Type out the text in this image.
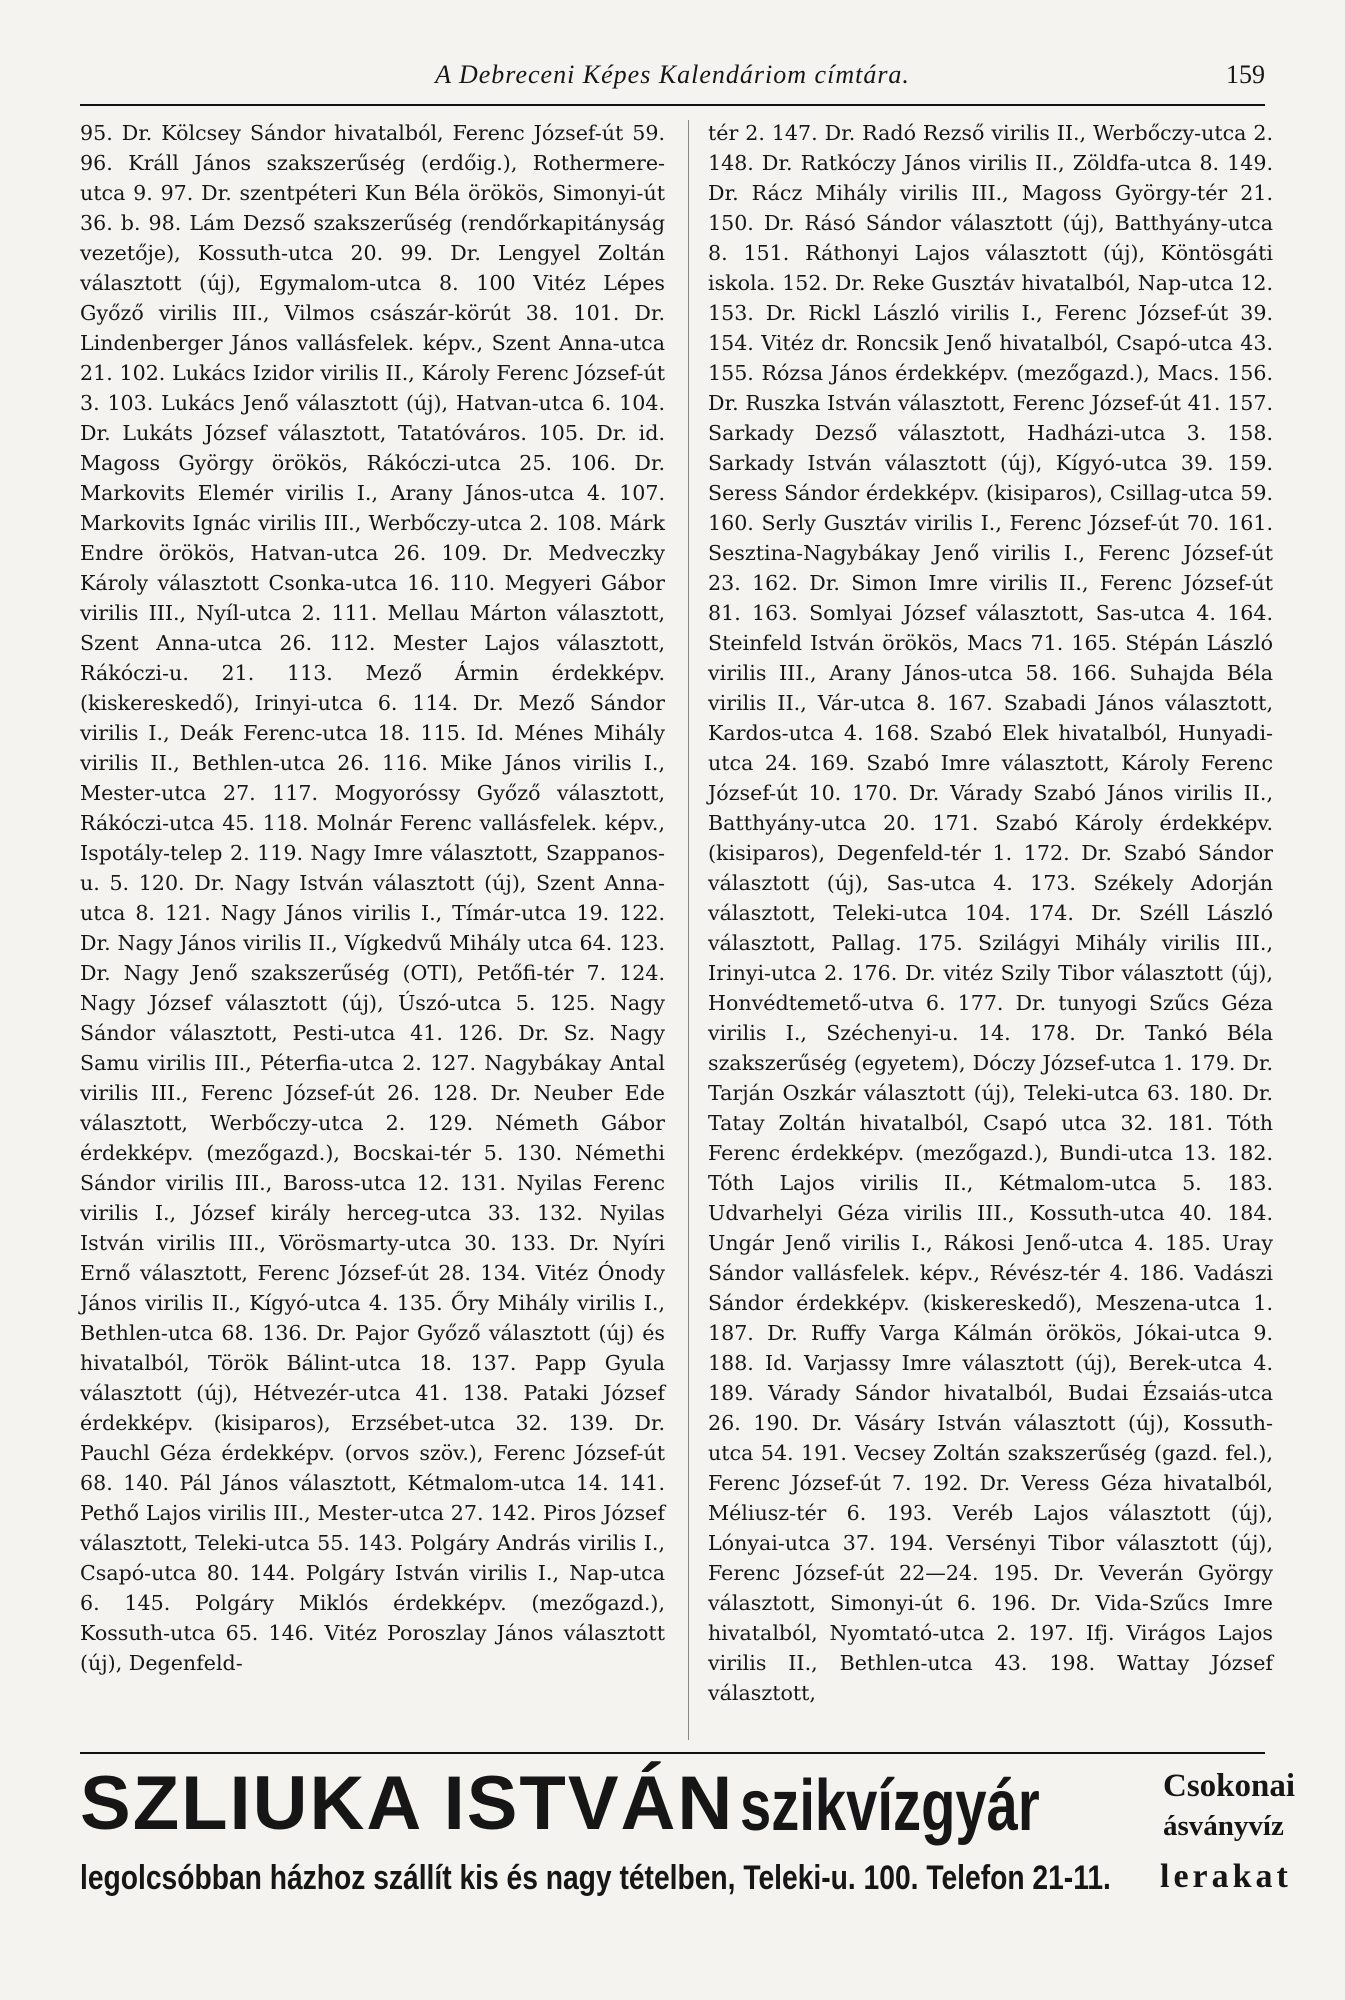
A Debreceni Képes Kalendáriom címtára.	159

95. Dr. Kölcsey Sándor hivatalból, Ferenc József-út 59. 96. Králl János szakszerűség (erdőig.), Rothermere-utca 9. 97. Dr. szentpéteri Kun Béla örökös, Simonyi-út 36. b. 98. Lám Dezső szakszerűség (rendőrkapitányság vezetője), Kossuth-utca 20. 99. Dr. Lengyel Zoltán választott (új), Egymalom-utca 8. 100 Vitéz Lépes Győző virilis III., Vilmos császár-körút 38. 101. Dr. Lindenberger János vallásfelek. képv., Szent Anna-utca 21. 102. Lukács Izidor virilis II., Károly Ferenc József-út 3. 103. Lukács Jenő választott (új), Hatvan-utca 6. 104. Dr. Lukáts József választott, Tatatóváros. 105. Dr. id. Magoss György örökös, Rákóczi-utca 25. 106. Dr. Markovits Elemér virilis I., Arany János-utca 4. 107. Markovits Ignác virilis III., Werbőczy-utca 2. 108. Márk Endre örökös, Hatvan-utca 26. 109. Dr. Medveczky Károly választott Csonka-utca 16. 110. Megyeri Gábor virilis III., Nyíl-utca 2. 111. Mellau Márton választott, Szent Anna-utca 26. 112. Mester Lajos választott, Rákóczi-u. 21. 113. Mező Ármin érdekképv. (kiskereskedő), Irinyi-utca 6. 114. Dr. Mező Sándor virilis I., Deák Ferenc-utca 18. 115. Id. Ménes Mihály virilis II., Bethlen-utca 26. 116. Mike János virilis I., Mester-utca 27. 117. Mogyoróssy Győző választott, Rákóczi-utca 45. 118. Molnár Ferenc vallásfelek. képv., Ispotály-telep 2. 119. Nagy Imre választott, Szappanos-u. 5. 120. Dr. Nagy István választott (új), Szent Anna-utca 8. 121. Nagy János virilis I., Tímár-utca 19. 122. Dr. Nagy János virilis II., Vígkedvű Mihály utca 64. 123. Dr. Nagy Jenő szakszerűség (OTI), Petőfi-tér 7. 124. Nagy József választott (új), Úszó-utca 5. 125. Nagy Sándor választott, Pesti-utca 41. 126. Dr. Sz. Nagy Samu virilis III., Péterfia-utca 2. 127. Nagybákay Antal virilis III., Ferenc József-út 26. 128. Dr. Neuber Ede választott, Werbőczy-utca 2. 129. Németh Gábor érdekképv. (mezőgazd.), Bocskai-tér 5. 130. Némethi Sándor virilis III., Baross-utca 12. 131. Nyilas Ferenc virilis I., József király herceg-utca 33. 132. Nyilas István virilis III., Vörösmarty-utca 30. 133. Dr. Nyíri Ernő választott, Ferenc József-út 28. 134. Vitéz Ónody János virilis II., Kígyó-utca 4. 135. Őry Mihály virilis I., Bethlen-utca 68. 136. Dr. Pajor Győző választott (új) és hivatalból, Török Bálint-utca 18. 137. Papp Gyula választott (új), Hétvezér-utca 41. 138. Pataki József érdekképv. (kisiparos), Erzsébet-utca 32. 139. Dr. Pauchl Géza érdekképv. (orvos szöv.), Ferenc József-út 68. 140. Pál János választott, Kétmalom-utca 14. 141. Pethő Lajos virilis III., Mester-utca 27. 142. Piros József választott, Teleki-utca 55. 143. Polgáry András virilis I., Csapó-utca 80. 144. Polgáry István virilis I., Nap-utca 6. 145. Polgáry Miklós érdekképv. (mezőgazd.), Kossuth-utca 65. 146. Vitéz Poroszlay János választott (új), Degenfeld-

tér 2. 147. Dr. Radó Rezső virilis II., Werbőczy-utca 2. 148. Dr. Ratkóczy János virilis II., Zöldfa-utca 8. 149. Dr. Rácz Mihály virilis III., Magoss György-tér 21. 150. Dr. Rásó Sándor választott (új), Batthyány-utca 8. 151. Ráthonyi Lajos választott (új), Köntösgáti iskola. 152. Dr. Reke Gusztáv hivatalból, Nap-utca 12. 153. Dr. Rickl László virilis I., Ferenc József-út 39. 154. Vitéz dr. Roncsik Jenő hivatalból, Csapó-utca 43. 155. Rózsa János érdekképv. (mezőgazd.), Macs. 156. Dr. Ruszka István választott, Ferenc József-út 41. 157. Sarkady Dezső választott, Hadházi-utca 3. 158. Sarkady István választott (új), Kígyó-utca 39. 159. Seress Sándor érdekképv. (kisiparos), Csillag-utca 59. 160. Serly Gusztáv virilis I., Ferenc József-út 70. 161. Sesztina-Nagybákay Jenő virilis I., Ferenc József-út 23. 162. Dr. Simon Imre virilis II., Ferenc József-út 81. 163. Somlyai József választott, Sas-utca 4. 164. Steinfeld István örökös, Macs 71. 165. Stépán László virilis III., Arany János-utca 58. 166. Suhajda Béla virilis II., Vár-utca 8. 167. Szabadi János választott, Kardos-utca 4. 168. Szabó Elek hivatalból, Hunyadi-utca 24. 169. Szabó Imre választott, Károly Ferenc József-út 10. 170. Dr. Várady Szabó János virilis II., Batthyány-utca 20. 171. Szabó Károly érdekképv. (kisiparos), Degenfeld-tér 1. 172. Dr. Szabó Sándor választott (új), Sas-utca 4. 173. Székely Adorján választott, Teleki-utca 104. 174. Dr. Széll László választott, Pallag. 175. Szilágyi Mihály virilis III., Irinyi-utca 2. 176. Dr. vitéz Szily Tibor választott (új), Honvédtemető-utva 6. 177. Dr. tunyogi Szűcs Géza virilis I., Széchenyi-u. 14. 178. Dr. Tankó Béla szakszerűség (egyetem), Dóczy József-utca 1. 179. Dr. Tarján Oszkár választott (új), Teleki-utca 63. 180. Dr. Tatay Zoltán hivatalból, Csapó utca 32. 181. Tóth Ferenc érdekképv. (mezőgazd.), Bundi-utca 13. 182. Tóth Lajos virilis II., Kétmalom-utca 5. 183. Udvarhelyi Géza virilis III., Kossuth-utca 40. 184. Ungár Jenő virilis I., Rákosi Jenő-utca 4. 185. Uray Sándor vallásfelek. képv., Révész-tér 4. 186. Vadászi Sándor érdekképv. (kiskereskedő), Meszena-utca 1. 187. Dr. Ruffy Varga Kálmán örökös, Jókai-utca 9. 188. Id. Varjassy Imre választott (új), Berek-utca 4. 189. Várady Sándor hivatalból, Budai Ézsaiás-utca 26. 190. Dr. Vásáry István választott (új), Kossuth-utca 54. 191. Vecsey Zoltán szakszerűség (gazd. fel.), Ferenc József-út 7. 192. Dr. Veress Géza hivatalból, Méliusz-tér 6. 193. Veréb Lajos választott (új), Lónyai-utca 37. 194. Versényi Tibor választott (új), Ferenc József-út 22—24. 195. Dr. Veverán György választott, Simonyi-út 6. 196. Dr. Vida-Szűcs Imre hivatalból, Nyomtató-utca 2. 197. Ifj. Virágos Lajos virilis II., Bethlen-utca 43. 198. Wattay József választott,

SZLIUKA ISTVÁN szikvízgyár	Csokonai
ásványvíz
legolcsóbban házhoz szállít kis és nagy tételben, Teleki-u. 100. Telefon 21-11. lerakat
